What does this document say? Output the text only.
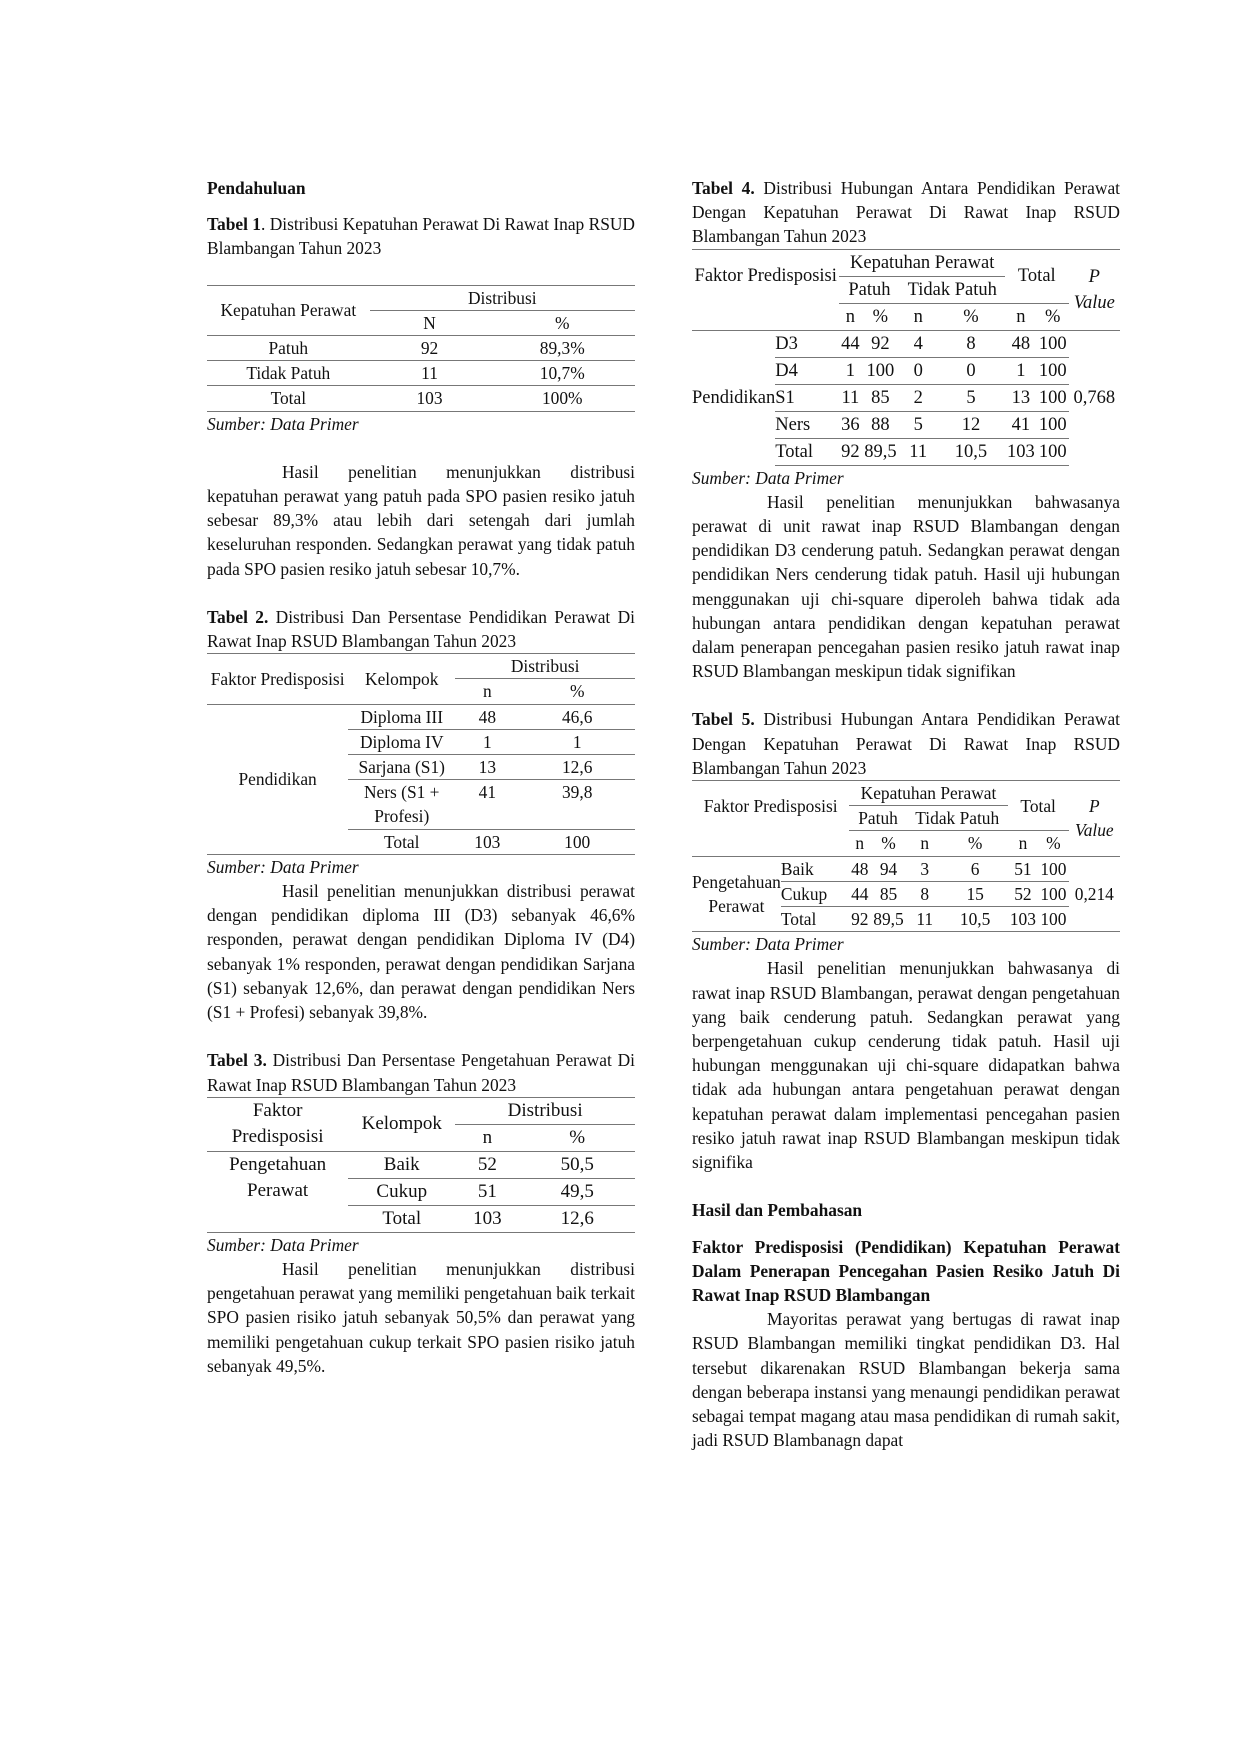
Pendahuluan

Tabel 1. Distribusi Kepatuhan Perawat Di Rawat Inap RSUD Blambangan Tahun 2023

Kepatuhan Perawat	Distribusi	
	N	%
Patuh	92	89,3%
Tidak Patuh	11	10,7%
Total	103	100%

Sumber: Data Primer

Hasil penelitian menunjukkan distribusi kepatuhan perawat yang patuh pada SPO pasien resiko jatuh sebesar 89,3% atau lebih dari setengah dari jumlah keseluruhan responden. Sedangkan perawat yang tidak patuh pada SPO pasien resiko jatuh sebesar 10,7%.

Tabel 2. Distribusi Dan Persentase Pendidikan Perawat Di Rawat Inap RSUD Blambangan Tahun 2023

Faktor Predisposisi	Kelompok	Distribusi	
		n	%
Pendidikan	Diploma III	48	46,6
	Diploma IV	1	1
	Sarjana (S1)	13	12,6
	Ners (S1 + Profesi)	41	39,8
	Total	103	100

Sumber: Data Primer

Hasil penelitian menunjukkan distribusi perawat dengan pendidikan diploma III (D3) sebanyak 46,6% responden, perawat dengan pendidikan Diploma IV (D4) sebanyak 1% responden, perawat dengan pendidikan Sarjana (S1) sebanyak 12,6%, dan perawat dengan pendidikan Ners (S1 + Profesi) sebanyak 39,8%.

Tabel 3. Distribusi Dan Persentase Pengetahuan Perawat Di Rawat Inap RSUD Blambangan Tahun 2023

Faktor Predisposisi	Kelompok	Distribusi	
		n	%
Pengetahuan Perawat	Baik	52	50,5
	Cukup	51	49,5
	Total	103	12,6

Sumber: Data Primer

Hasil penelitian menunjukkan distribusi pengetahuan perawat yang memiliki pengetahuan baik terkait SPO pasien risiko jatuh sebanyak 50,5% dan perawat yang memiliki pengetahuan cukup terkait SPO pasien risiko jatuh sebanyak 49,5%.

Tabel 4. Distribusi Hubungan Antara Pendidikan Perawat Dengan Kepatuhan Perawat Di Rawat Inap RSUD Blambangan Tahun 2023

Faktor Predisposisi		Kepatuhan Perawat				Total		P Value
		Patuh		Tidak Patuh				

		n	%	n	%	n	%	
Pendidikan	D3	44	92	4	8	48	100	0,768
	D4	1	100	0	0	1	100	
	S1	11	85	2	5	13	100	
	Ners	36	88	5	12	41	100	
	Total	92	89,5	11	10,5	103	100	

Sumber: Data Primer

Hasil penelitian menunjukkan bahwasanya perawat di unit rawat inap RSUD Blambangan dengan pendidikan D3 cenderung patuh. Sedangkan perawat dengan pendidikan Ners cenderung tidak patuh. Hasil uji hubungan menggunakan uji chi-square diperoleh bahwa tidak ada hubungan antara pendidikan dengan kepatuhan perawat dalam penerapan pencegahan pasien resiko jatuh rawat inap RSUD Blambangan meskipun tidak signifikan

Tabel 5. Distribusi Hubungan Antara Pendidikan Perawat Dengan Kepatuhan Perawat Di Rawat Inap RSUD Blambangan Tahun 2023

Faktor Predisposisi		Kepatuhan Perawat				Total		P Value
		Patuh		Tidak Patuh				

		n	%	n	%	n	%	
Pengetahuan Perawat	Baik	48	94	3	6	51	100	0,214
	Cukup	44	85	8	15	52	100	
	Total	92	89,5	11	10,5	103	100	

Sumber: Data Primer

Hasil penelitian menunjukkan bahwasanya di rawat inap RSUD Blambangan, perawat dengan pengetahuan yang baik cenderung patuh. Sedangkan perawat yang berpengetahuan cukup cenderung tidak patuh. Hasil uji hubungan menggunakan uji chi-square didapatkan bahwa tidak ada hubungan antara pengetahuan perawat dengan kepatuhan perawat dalam implementasi pencegahan pasien resiko jatuh rawat inap RSUD Blambangan meskipun tidak signifika

Hasil dan Pembahasan

Faktor Predisposisi (Pendidikan) Kepatuhan Perawat Dalam Penerapan Pencegahan Pasien Resiko Jatuh Di Rawat Inap RSUD Blambangan

Mayoritas perawat yang bertugas di rawat inap RSUD Blambangan memiliki tingkat pendidikan D3. Hal tersebut dikarenakan RSUD Blambangan bekerja sama dengan beberapa instansi yang menaungi pendidikan perawat sebagai tempat magang atau masa pendidikan di rumah sakit, jadi RSUD Blambanagn dapat
